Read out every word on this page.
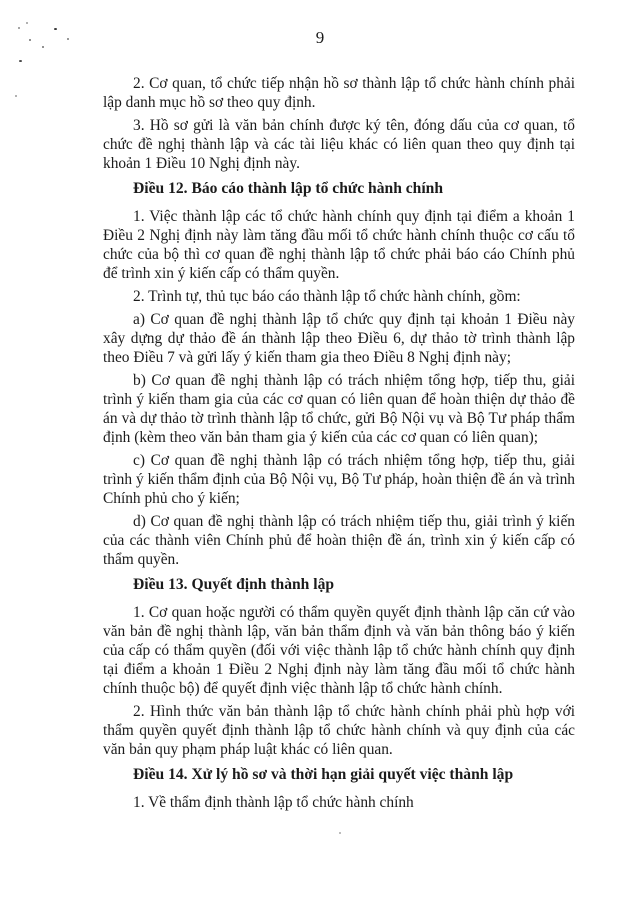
9

2. Cơ quan, tổ chức tiếp nhận hồ sơ thành lập tổ chức hành chính phải lập danh mục hồ sơ theo quy định.

3. Hồ sơ gửi là văn bản chính được ký tên, đóng dấu của cơ quan, tổ chức đề nghị thành lập và các tài liệu khác có liên quan theo quy định tại khoản 1 Điều 10 Nghị định này.

Điều 12. Báo cáo thành lập tổ chức hành chính

1. Việc thành lập các tổ chức hành chính quy định tại điểm a khoản 1 Điều 2 Nghị định này làm tăng đầu mối tổ chức hành chính thuộc cơ cấu tổ chức của bộ thì cơ quan đề nghị thành lập tổ chức phải báo cáo Chính phủ để trình xin ý kiến cấp có thẩm quyền.

2. Trình tự, thủ tục báo cáo thành lập tổ chức hành chính, gồm:

a) Cơ quan đề nghị thành lập tổ chức quy định tại khoản 1 Điều này xây dựng dự thảo đề án thành lập theo Điều 6, dự thảo tờ trình thành lập theo Điều 7 và gửi lấy ý kiến tham gia theo Điều 8 Nghị định này;

b) Cơ quan đề nghị thành lập có trách nhiệm tổng hợp, tiếp thu, giải trình ý kiến tham gia của các cơ quan có liên quan để hoàn thiện dự thảo đề án và dự thảo tờ trình thành lập tổ chức, gửi Bộ Nội vụ và Bộ Tư pháp thẩm định (kèm theo văn bản tham gia ý kiến của các cơ quan có liên quan);

c) Cơ quan đề nghị thành lập có trách nhiệm tổng hợp, tiếp thu, giải trình ý kiến thẩm định của Bộ Nội vụ, Bộ Tư pháp, hoàn thiện đề án và trình Chính phủ cho ý kiến;

d) Cơ quan đề nghị thành lập có trách nhiệm tiếp thu, giải trình ý kiến của các thành viên Chính phủ để hoàn thiện đề án, trình xin ý kiến cấp có thẩm quyền.

Điều 13. Quyết định thành lập

1. Cơ quan hoặc người có thẩm quyền quyết định thành lập căn cứ vào văn bản đề nghị thành lập, văn bản thẩm định và văn bản thông báo ý kiến của cấp có thẩm quyền (đối với việc thành lập tổ chức hành chính quy định tại điểm a khoản 1 Điều 2 Nghị định này làm tăng đầu mối tổ chức hành chính thuộc bộ) để quyết định việc thành lập tổ chức hành chính.

2. Hình thức văn bản thành lập tổ chức hành chính phải phù hợp với thẩm quyền quyết định thành lập tổ chức hành chính và quy định của các văn bản quy phạm pháp luật khác có liên quan.

Điều 14. Xử lý hồ sơ và thời hạn giải quyết việc thành lập

1. Về thẩm định thành lập tổ chức hành chính
